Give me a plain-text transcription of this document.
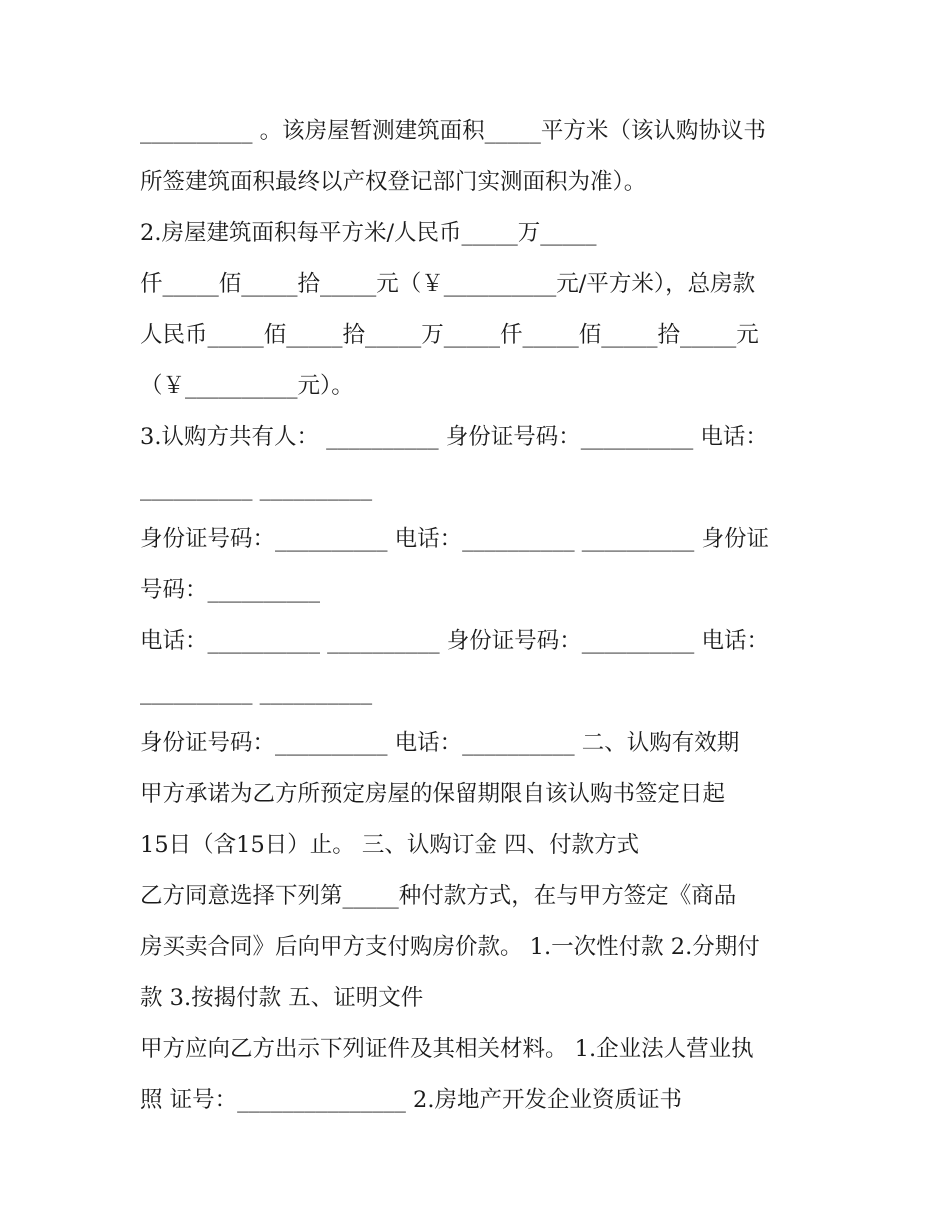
__________ 。该房屋暂测建筑面积_____平方米（该认购协议书
所签建筑面积最终以产权登记部门实测面积为准）。
2.房屋建筑面积每平方米/人民币_____万_____
仟_____佰_____拾_____元（￥__________元/平方米），总房款
人民币_____佰_____拾_____万_____仟_____佰_____拾_____元
（￥__________元）。
3.认购方共有人： __________ 身份证号码：__________ 电话：
__________ __________
身份证号码：__________ 电话：__________ __________ 身份证
号码：__________
电话：__________ __________ 身份证号码：__________ 电话：
__________ __________
身份证号码：__________ 电话：__________ 二、认购有效期
甲方承诺为乙方所预定房屋的保留期限自该认购书签定日起
15日（含15日）止。 三、认购订金 四、付款方式
乙方同意选择下列第_____种付款方式，在与甲方签定《商品
房买卖合同》后向甲方支付购房价款。 1.一次性付款 2.分期付
款 3.按揭付款 五、证明文件
甲方应向乙方出示下列证件及其相关材料。 1.企业法人营业执
照 证号：_______________ 2.房地产开发企业资质证书
